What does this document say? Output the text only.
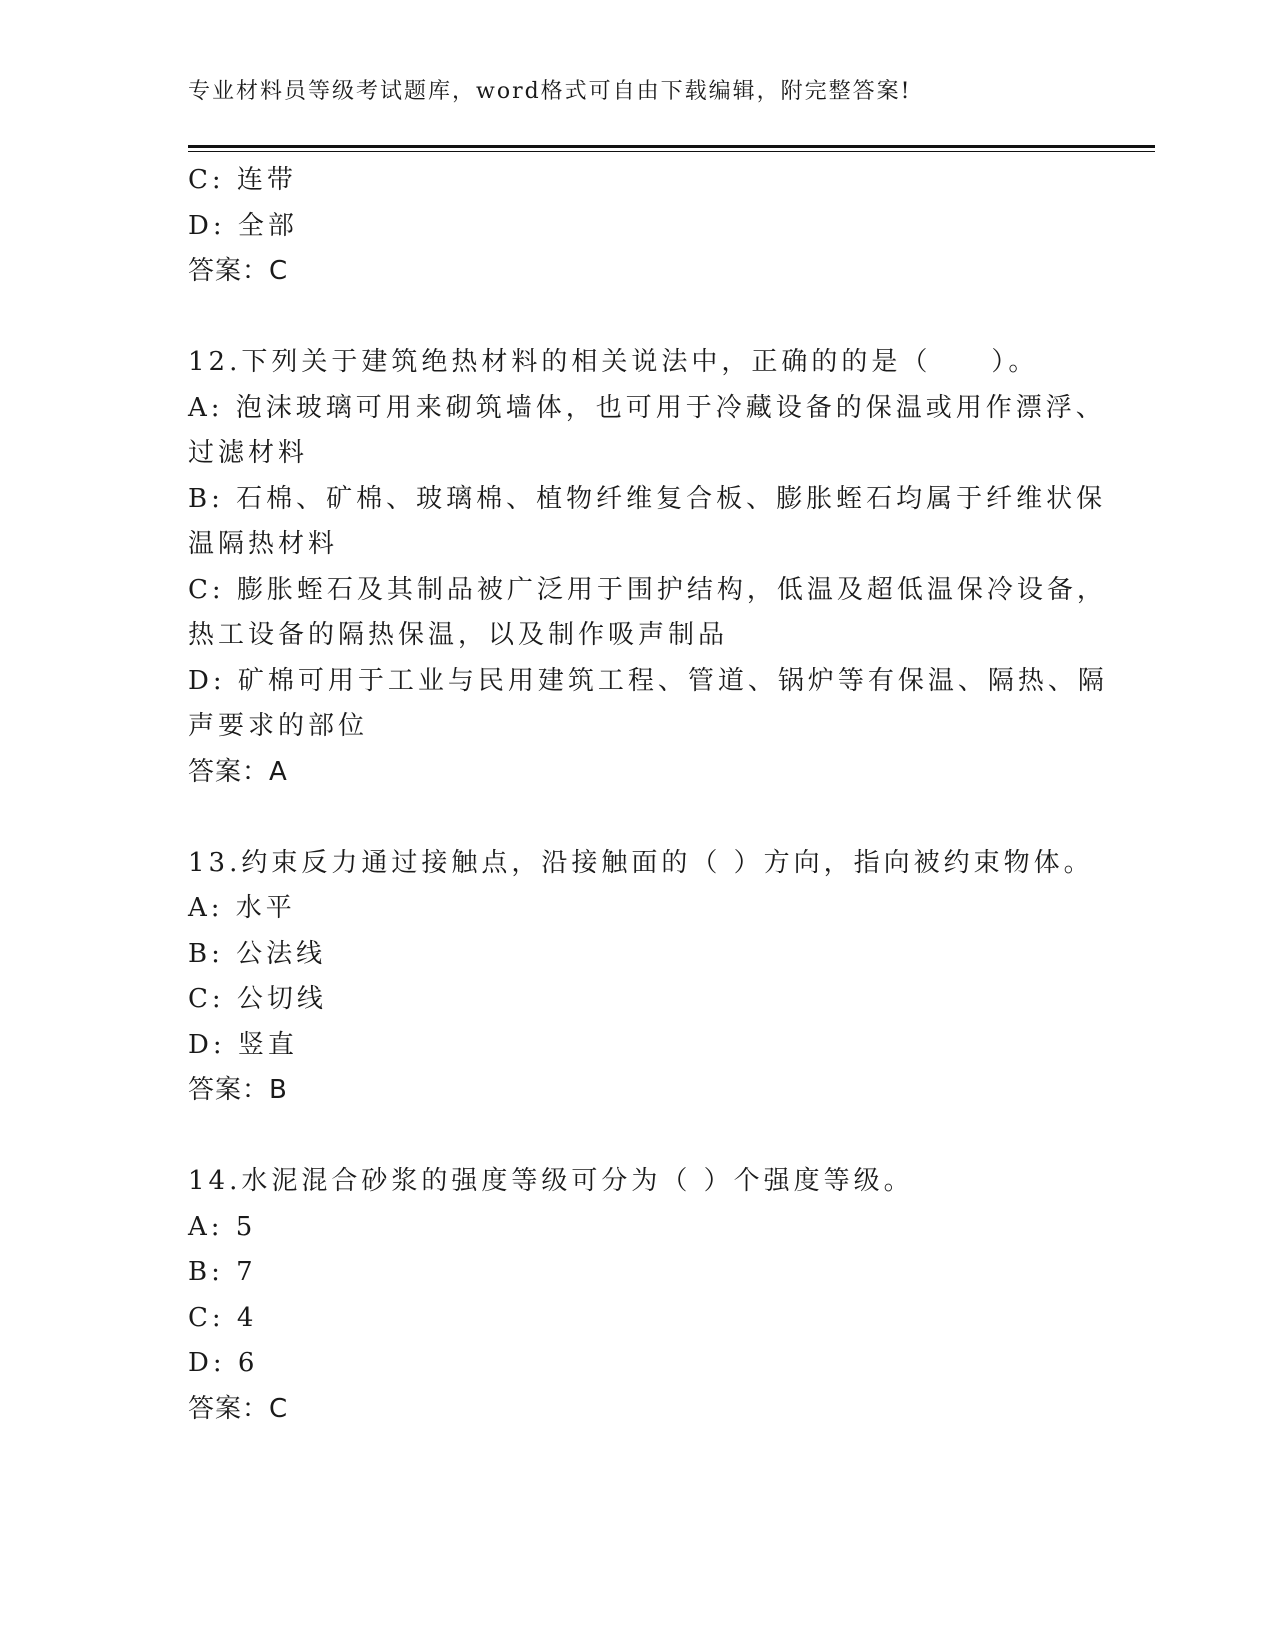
专业材料员等级考试题库，word格式可自由下载编辑，附完整答案!
C: 连带
D: 全部
答案：C
12.下列关于建筑绝热材料的相关说法中，正确的的是（　　）。
A: 泡沫玻璃可用来砌筑墙体，也可用于冷藏设备的保温或用作漂浮、
过滤材料
B: 石棉、矿棉、玻璃棉、植物纤维复合板、膨胀蛭石均属于纤维状保
温隔热材料
C: 膨胀蛭石及其制品被广泛用于围护结构，低温及超低温保冷设备，
热工设备的隔热保温，以及制作吸声制品
D: 矿棉可用于工业与民用建筑工程、管道、锅炉等有保温、隔热、隔
声要求的部位
答案：A
13.约束反力通过接触点，沿接触面的（ ）方向，指向被约束物体。
A: 水平
B: 公法线
C: 公切线
D: 竖直
答案：B
14.水泥混合砂浆的强度等级可分为（ ）个强度等级。
A: 5
B: 7
C: 4
D: 6
答案：C
